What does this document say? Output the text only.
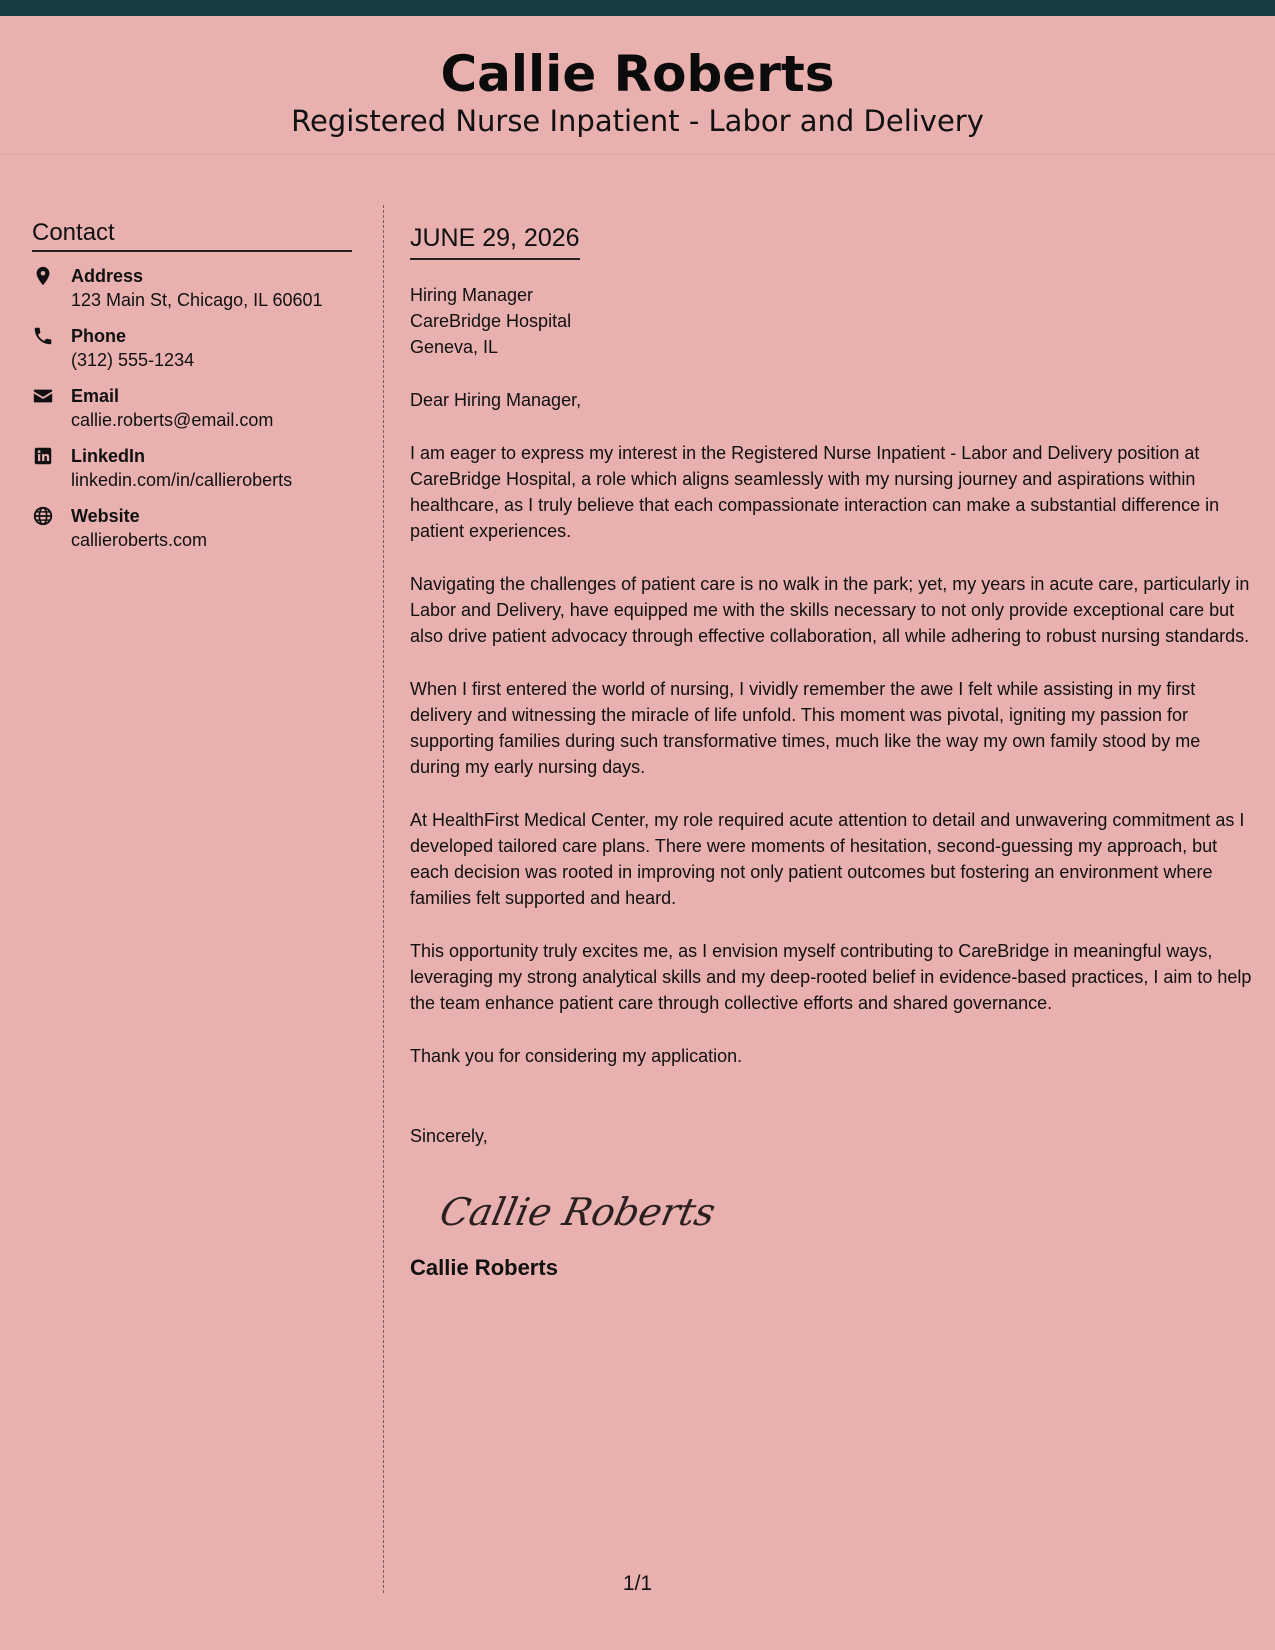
Callie Roberts
Registered Nurse Inpatient - Labor and Delivery
Contact
Address
123 Main St, Chicago, IL 60601
Phone
(312) 555-1234
Email
callie.roberts@email.com
LinkedIn
linkedin.com/in/callieroberts
Website
callieroberts.com
JUNE 29, 2026
Hiring Manager
CareBridge Hospital
Geneva, IL
Dear Hiring Manager,

I am eager to express my interest in the Registered Nurse Inpatient - Labor and Delivery position at CareBridge Hospital, a role which aligns seamlessly with my nursing journey and aspirations within healthcare, as I truly believe that each compassionate interaction can make a substantial difference in patient experiences.

Navigating the challenges of patient care is no walk in the park; yet, my years in acute care, particularly in Labor and Delivery, have equipped me with the skills necessary to not only provide exceptional care but also drive patient advocacy through effective collaboration, all while adhering to robust nursing standards.

When I first entered the world of nursing, I vividly remember the awe I felt while assisting in my first delivery and witnessing the miracle of life unfold. This moment was pivotal, igniting my passion for supporting families during such transformative times, much like the way my own family stood by me during my early nursing days.

At HealthFirst Medical Center, my role required acute attention to detail and unwavering commitment as I developed tailored care plans. There were moments of hesitation, second-guessing my approach, but each decision was rooted in improving not only patient outcomes but fostering an environment where families felt supported and heard.

This opportunity truly excites me, as I envision myself contributing to CareBridge in meaningful ways, leveraging my strong analytical skills and my deep-rooted belief in evidence-based practices, I aim to help the team enhance patient care through collective efforts and shared governance.

Thank you for considering my application.

Sincerely,
Callie Roberts
Callie Roberts
1/1
